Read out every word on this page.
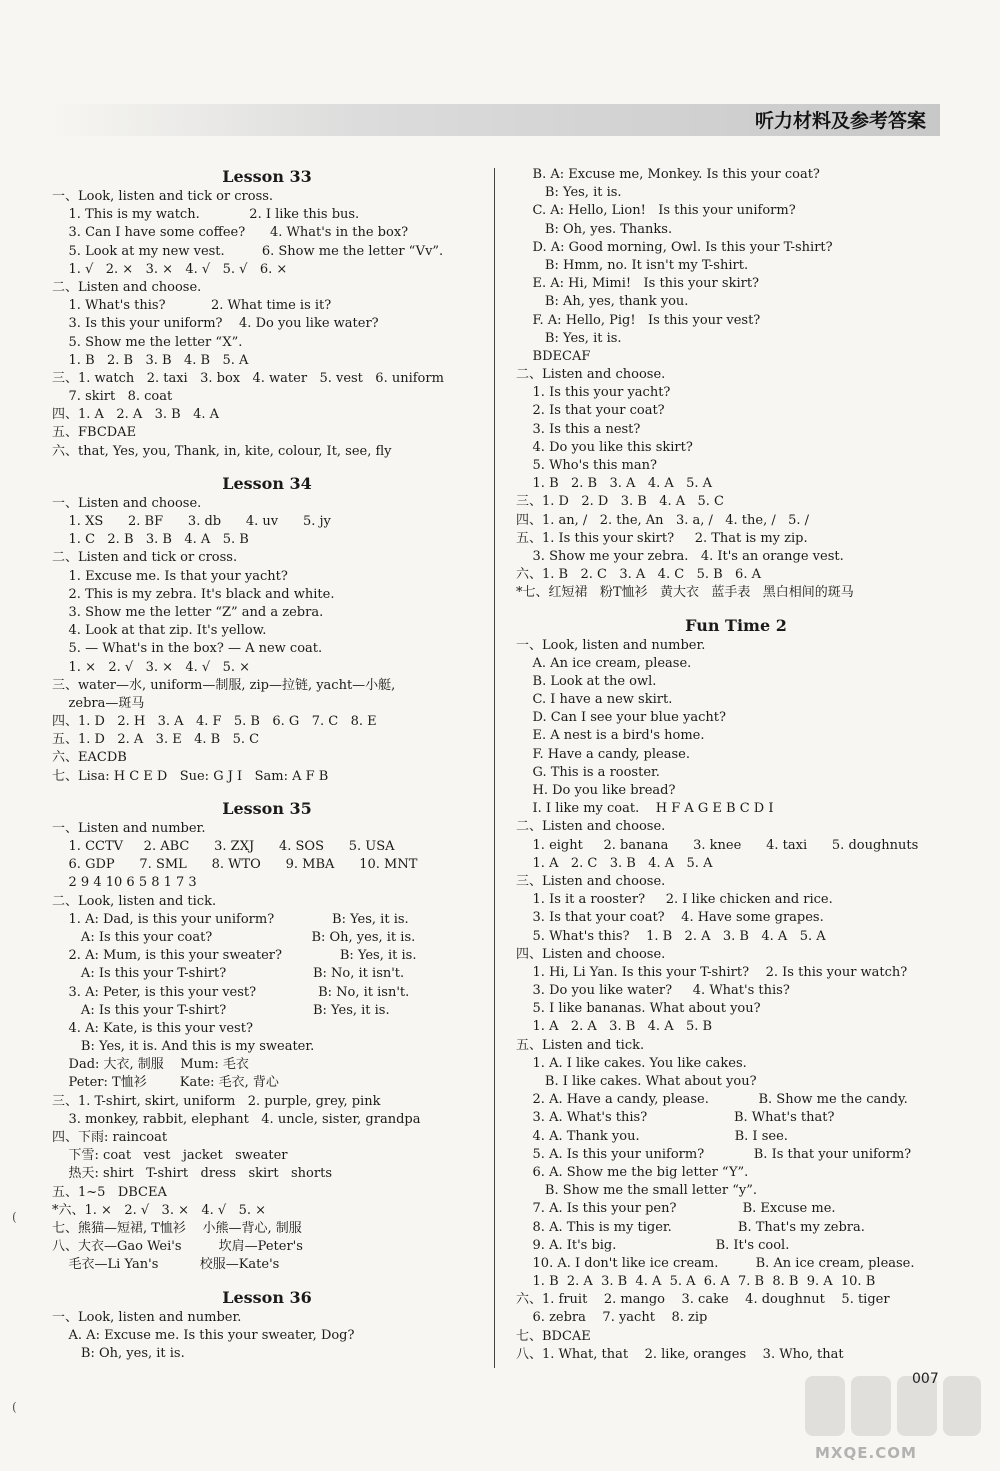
听力材料及参考答案
Lesson 33
一、Look, listen and tick or cross.
1. This is my watch.            2. I like this bus.
3. Can I have some coffee?      4. What's in the box?
5. Look at my new vest.         6. Show me the letter “Vv”.
1. √   2. ×   3. ×   4. √   5. √   6. ×
二、Listen and choose.
1. What's this?           2. What time is it?
3. Is this your uniform?    4. Do you like water?
5. Show me the letter “X”.
1. B   2. B   3. B   4. B   5. A
三、1. watch   2. taxi   3. box   4. water   5. vest   6. uniform
7. skirt   8. coat
四、1. A   2. A   3. B   4. A
五、FBCDAE
六、that, Yes, you, Thank, in, kite, colour, It, see, fly
Lesson 34
一、Listen and choose.
1. XS      2. BF      3. db      4. uv      5. jy
1. C   2. B   3. B   4. A   5. B
二、Listen and tick or cross.
1. Excuse me. Is that your yacht?
2. This is my zebra. It's black and white.
3. Show me the letter “Z” and a zebra.
4. Look at that zip. It's yellow.
5. — What's in the box? — A new coat.
1. ×   2. √   3. ×   4. √   5. ×
三、water—水, uniform—制服, zip—拉链, yacht—小艇,
zebra—斑马
四、1. D   2. H   3. A   4. F   5. B   6. G   7. C   8. E
五、1. D   2. A   3. E   4. B   5. C
六、EACDB
七、Lisa: H C E D   Sue: G J I   Sam: A F B
Lesson 35
一、Listen and number.
1. CCTV     2. ABC      3. ZXJ      4. SOS      5. USA
6. GDP      7. SML      8. WTO      9. MBA      10. MNT
2 9 4 10 6 5 8 1 7 3
二、Look, listen and tick.
1. A: Dad, is this your uniform?              B: Yes, it is.
A: Is this your coat?                        B: Oh, yes, it is.
2. A: Mum, is this your sweater?              B: Yes, it is.
A: Is this your T-shirt?                     B: No, it isn't.
3. A: Peter, is this your vest?               B: No, it isn't.
A: Is this your T-shirt?                     B: Yes, it is.
4. A: Kate, is this your vest?
B: Yes, it is. And this is my sweater.
Dad: 大衣, 制服    Mum: 毛衣
Peter: T恤衫        Kate: 毛衣, 背心
三、1. T-shirt, skirt, uniform   2. purple, grey, pink
3. monkey, rabbit, elephant   4. uncle, sister, grandpa
四、下雨: raincoat
下雪: coat   vest   jacket   sweater
热天: shirt   T-shirt   dress   skirt   shorts
五、1~5   DBCEA
*六、1. ×   2. √   3. ×   4. √   5. ×
七、熊猫—短裙, T恤衫    小熊—背心, 制服
八、大衣—Gao Wei's         坎肩—Peter's
毛衣—Li Yan's          校服—Kate's
Lesson 36
一、Look, listen and number.
A. A: Excuse me. Is this your sweater, Dog?
B: Oh, yes, it is.
B. A: Excuse me, Monkey. Is this your coat?
B: Yes, it is.
C. A: Hello, Lion!   Is this your uniform?
B: Oh, yes. Thanks.
D. A: Good morning, Owl. Is this your T-shirt?
B: Hmm, no. It isn't my T-shirt.
E. A: Hi, Mimi!   Is this your skirt?
B: Ah, yes, thank you.
F. A: Hello, Pig!   Is this your vest?
B: Yes, it is.
BDECAF
二、Listen and choose.
1. Is this your yacht?
2. Is that your coat?
3. Is this a nest?
4. Do you like this skirt?
5. Who's this man?
1. B   2. B   3. A   4. A   5. A
三、1. D   2. D   3. B   4. A   5. C
四、1. an, /   2. the, An   3. a, /   4. the, /   5. /
五、1. Is this your skirt?     2. That is my zip.
3. Show me your zebra.   4. It's an orange vest.
六、1. B   2. C   3. A   4. C   5. B   6. A
*七、红短裙   粉T恤衫   黄大衣   蓝手表   黑白相间的斑马
Fun Time 2
一、Look, listen and number.
A. An ice cream, please.
B. Look at the owl.
C. I have a new skirt.
D. Can I see your blue yacht?
E. A nest is a bird's home.
F. Have a candy, please.
G. This is a rooster.
H. Do you like bread?
I. I like my coat.    H F A G E B C D I
二、Listen and choose.
1. eight     2. banana      3. knee      4. taxi      5. doughnuts
1. A   2. C   3. B   4. A   5. A
三、Listen and choose.
1. Is it a rooster?     2. I like chicken and rice.
3. Is that your coat?    4. Have some grapes.
5. What's this?    1. B   2. A   3. B   4. A   5. A
四、Listen and choose.
1. Hi, Li Yan. Is this your T-shirt?    2. Is this your watch?
3. Do you like water?     4. What's this?
5. I like bananas. What about you?
1. A   2. A   3. B   4. A   5. B
五、Listen and tick.
1. A. I like cakes. You like cakes.
B. I like cakes. What about you?
2. A. Have a candy, please.            B. Show me the candy.
3. A. What's this?                     B. What's that?
4. A. Thank you.                       B. I see.
5. A. Is this your uniform?            B. Is that your uniform?
6. A. Show me the big letter “Y”.
B. Show me the small letter “y”.
7. A. Is this your pen?                B. Excuse me.
8. A. This is my tiger.                B. That's my zebra.
9. A. It's big.                        B. It's cool.
10. A. I don't like ice cream.         B. An ice cream, please.
1. B  2. A  3. B  4. A  5. A  6. A  7. B  8. B  9. A  10. B
六、1. fruit    2. mango    3. cake    4. doughnut    5. tiger
6. zebra    7. yacht    8. zip
七、BDCAE
八、1. What, that    2. like, oranges    3. Who, that
(
(
MXQE.COM
007
